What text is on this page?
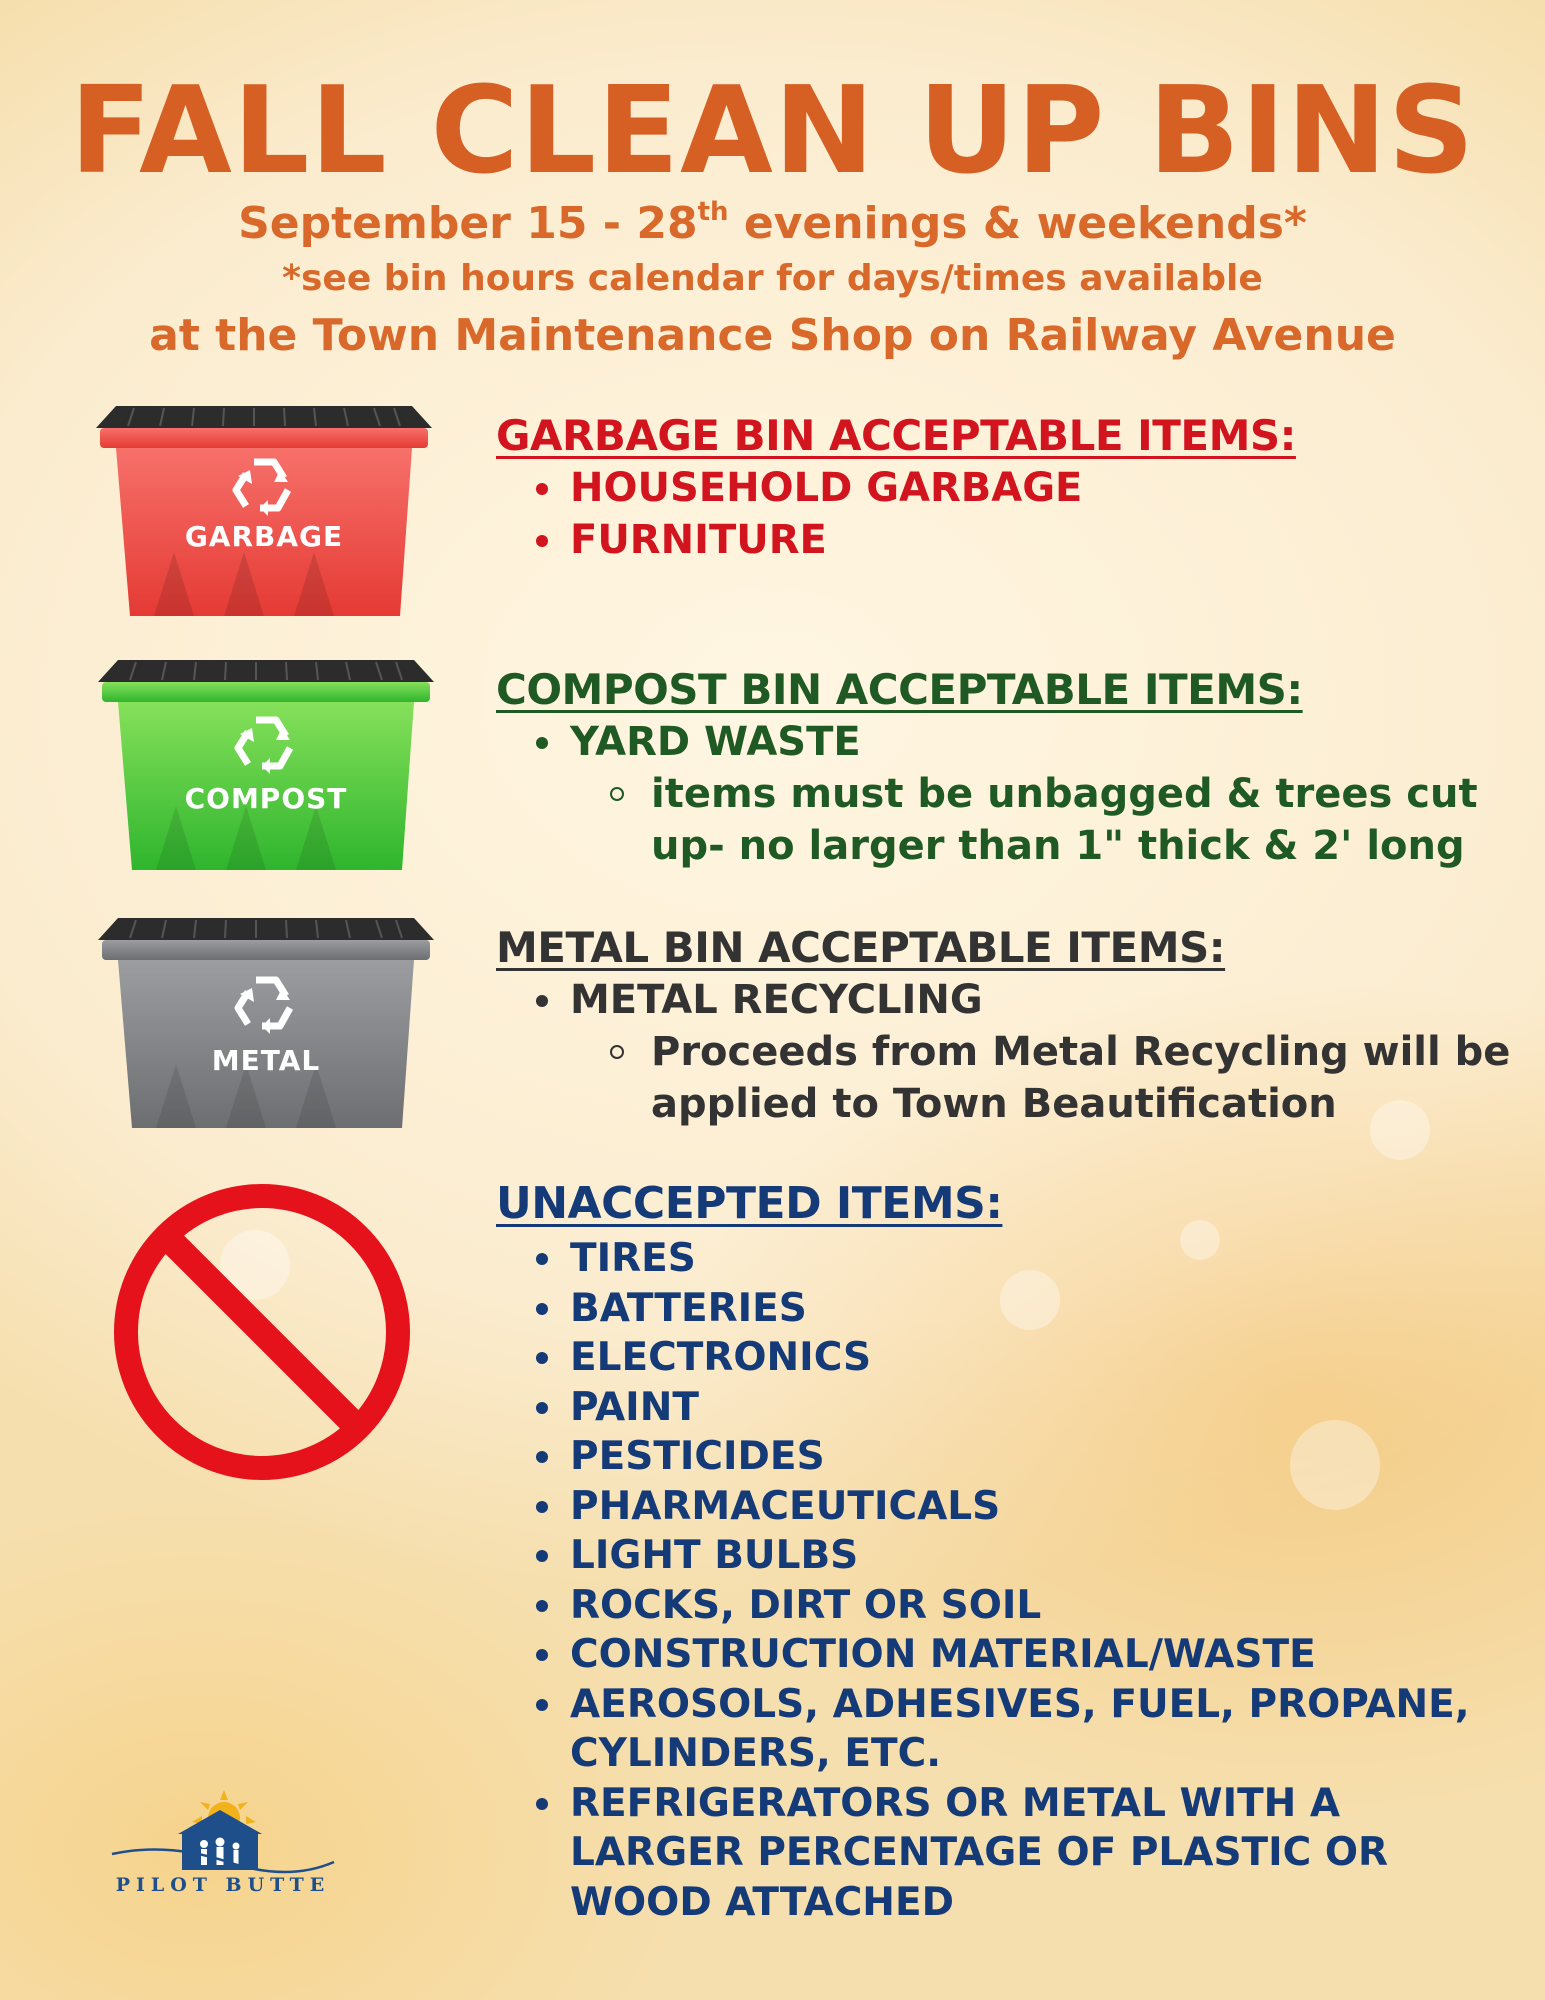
FALL CLEAN UP BINS

September 15 - 28th evenings & weekends*

*see bin hours calendar for days/times available

at the Town Maintenance Shop on Railway Avenue

GARBAGE
COMPOST
METAL
GARBAGE BIN ACCEPTABLE ITEMS:
HOUSEHOLD GARBAGE
FURNITURE
COMPOST BIN ACCEPTABLE ITEMS:
YARD WASTE
items must be unbagged & trees cut up- no larger than 1" thick & 2' long
METAL BIN ACCEPTABLE ITEMS:
METAL RECYCLING
Proceeds from Metal Recycling will be applied to Town Beautification
UNACCEPTED ITEMS:
TIRES
BATTERIES
ELECTRONICS
PAINT
PESTICIDES
PHARMACEUTICALS
LIGHT BULBS
ROCKS, DIRT OR SOIL
CONSTRUCTION MATERIAL/WASTE
AEROSOLS, ADHESIVES, FUEL, PROPANE, CYLINDERS, ETC.
REFRIGERATORS OR METAL WITH A LARGER PERCENTAGE OF PLASTIC OR WOOD ATTACHED
PILOT BUTTE
